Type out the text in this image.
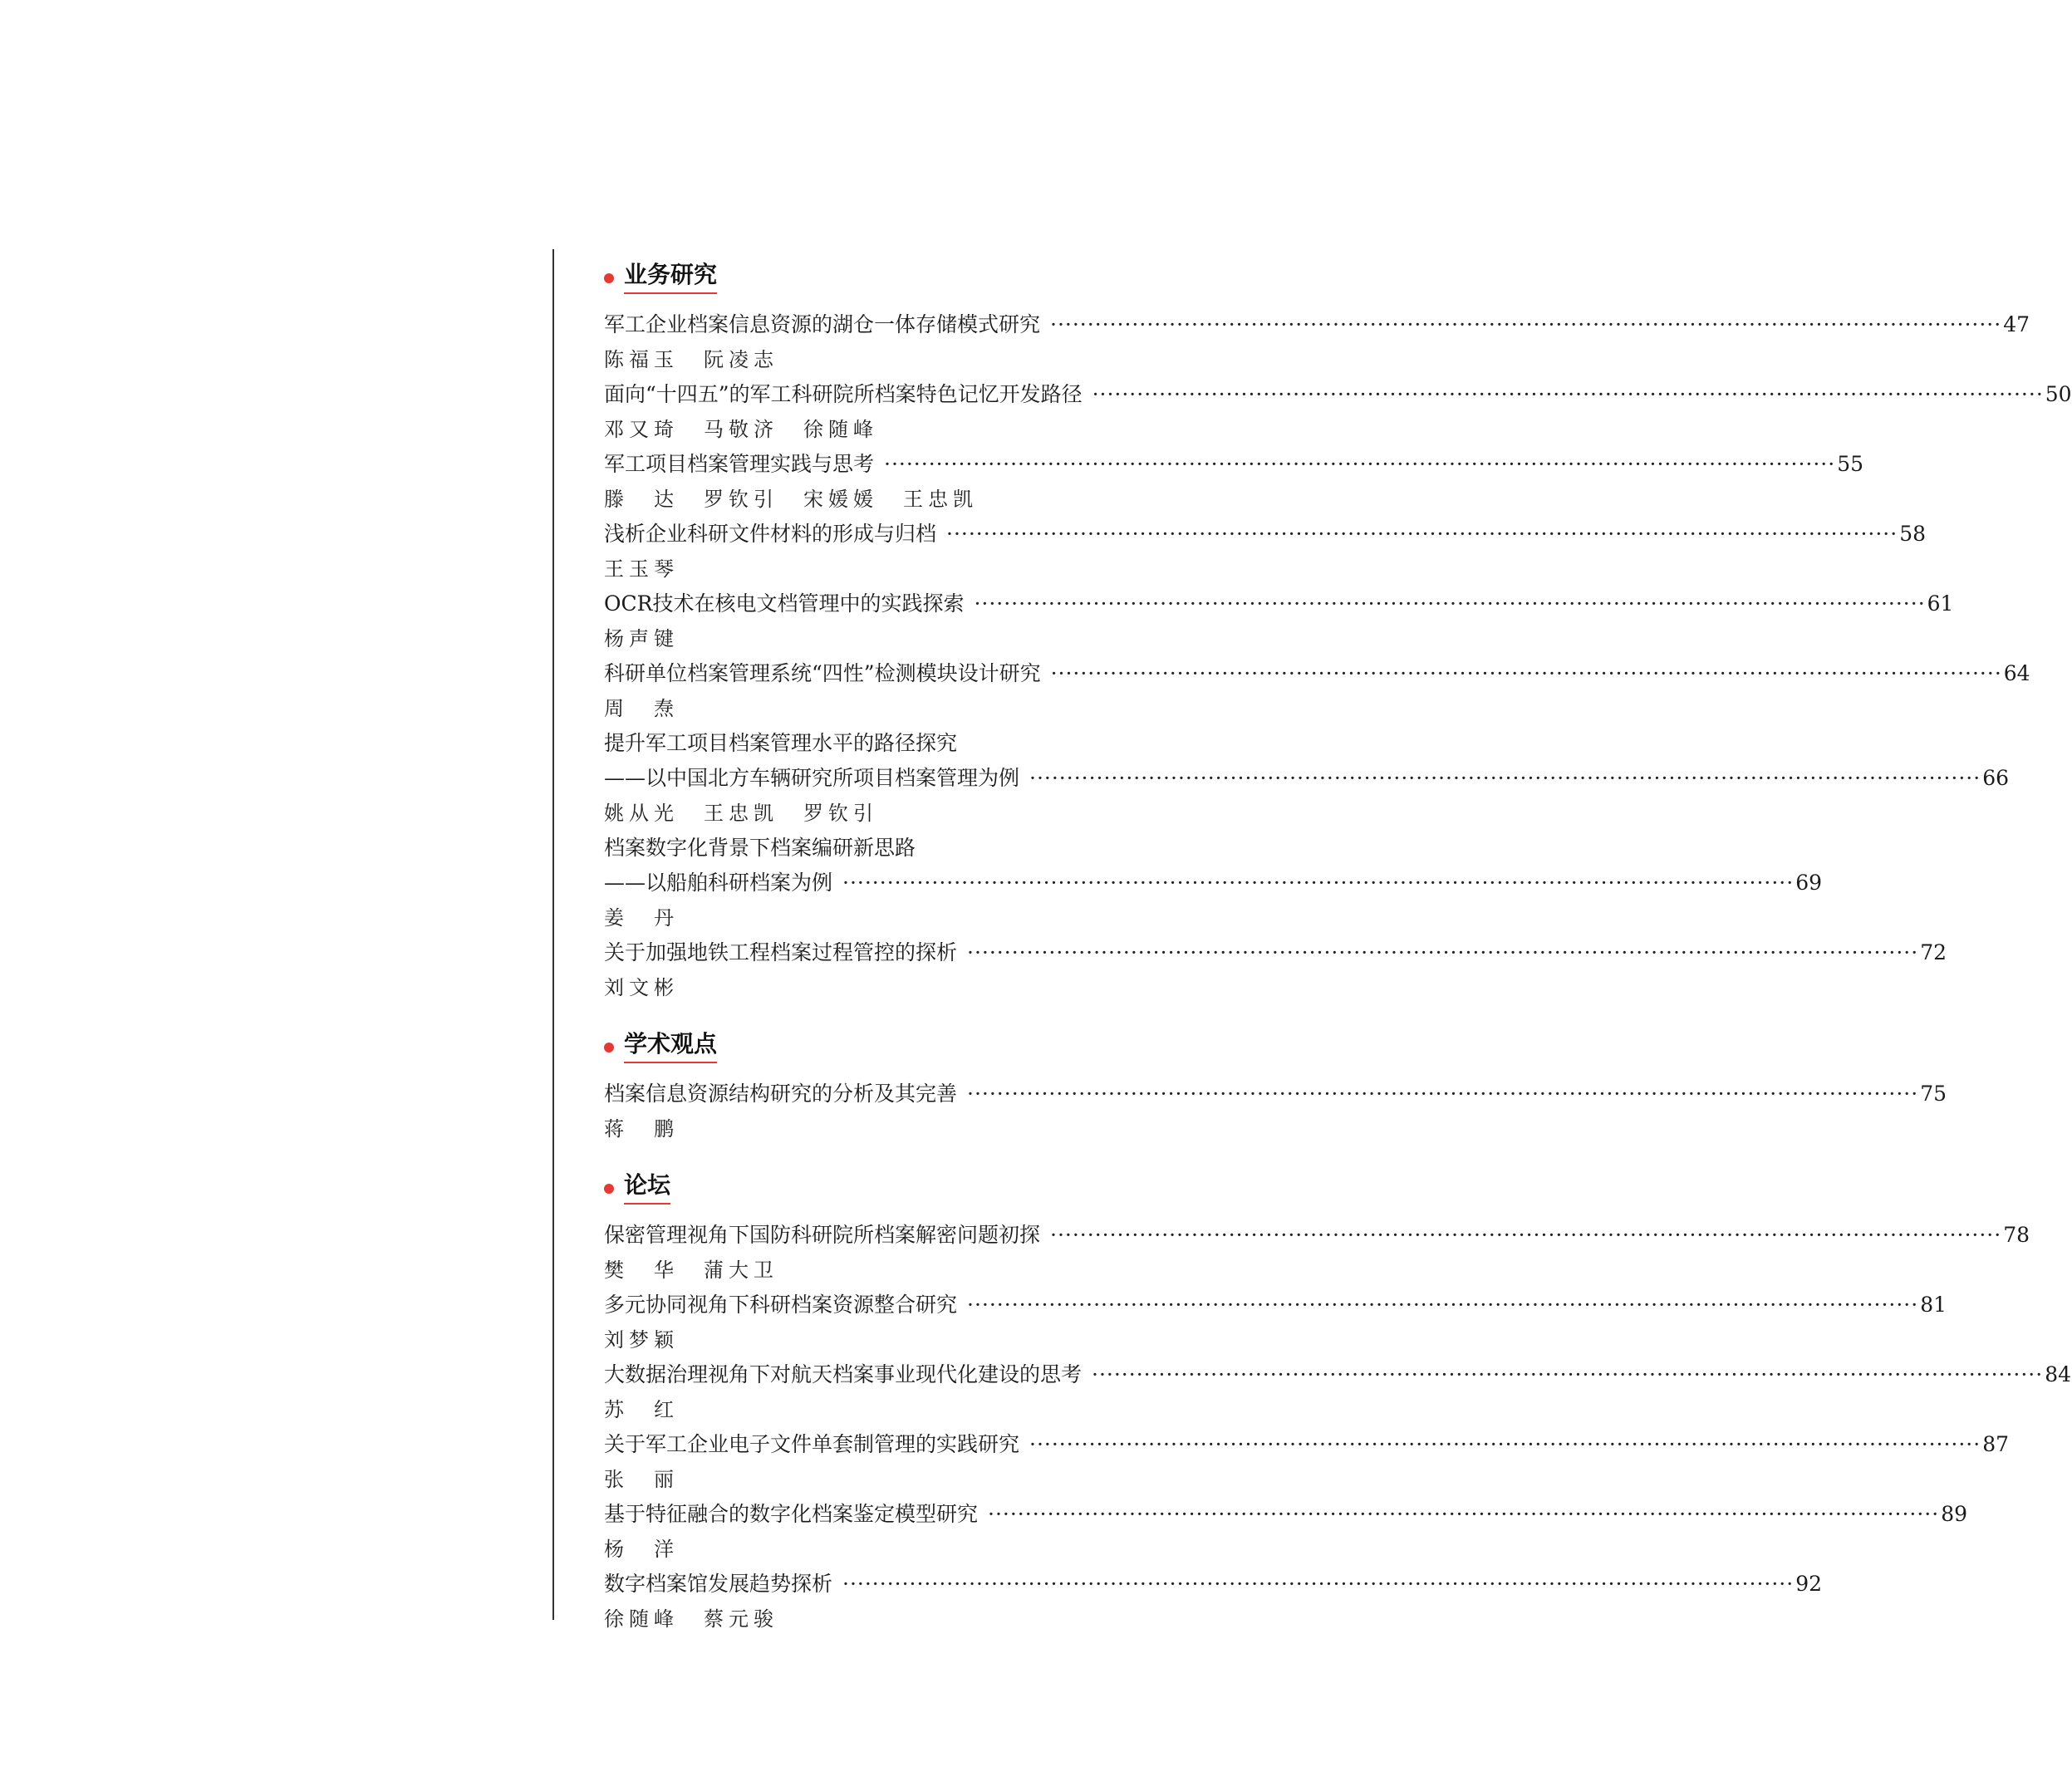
业务研究
军工企业档案信息资源的湖仓一体存储模式研究 ·····	47
陈福玉　阮凌志
面向“十四五”的军工科研院所档案特色记忆开发路径 ·····	50
邓又琦　马敬济　徐随峰
军工项目档案管理实践与思考 ·····	55
滕　达　罗钦引　宋媛媛　王忠凯
浅析企业科研文件材料的形成与归档 ·····	58
王玉琴
OCR技术在核电文档管理中的实践探索 ·····	61
杨声键
科研单位档案管理系统“四性”检测模块设计研究 ·····	64
周　焘
提升军工项目档案管理水平的路径探究
——以中国北方车辆研究所项目档案管理为例 ·····	66
姚从光　王忠凯　罗钦引
档案数字化背景下档案编研新思路
——以船舶科研档案为例 ·····	69
姜　丹
关于加强地铁工程档案过程管控的探析 ·····	72
刘文彬
学术观点
档案信息资源结构研究的分析及其完善 ·····	75
蒋　鹏
论坛
保密管理视角下国防科研院所档案解密问题初探 ·····	78
樊　华　蒲大卫
多元协同视角下科研档案资源整合研究 ·····	81
刘梦颖
大数据治理视角下对航天档案事业现代化建设的思考 ·····	84
苏　红
关于军工企业电子文件单套制管理的实践研究 ·····	87
张　丽
基于特征融合的数字化档案鉴定模型研究 ·····	89
杨　洋
数字档案馆发展趋势探析 ·····	92
徐随峰　蔡元骏
